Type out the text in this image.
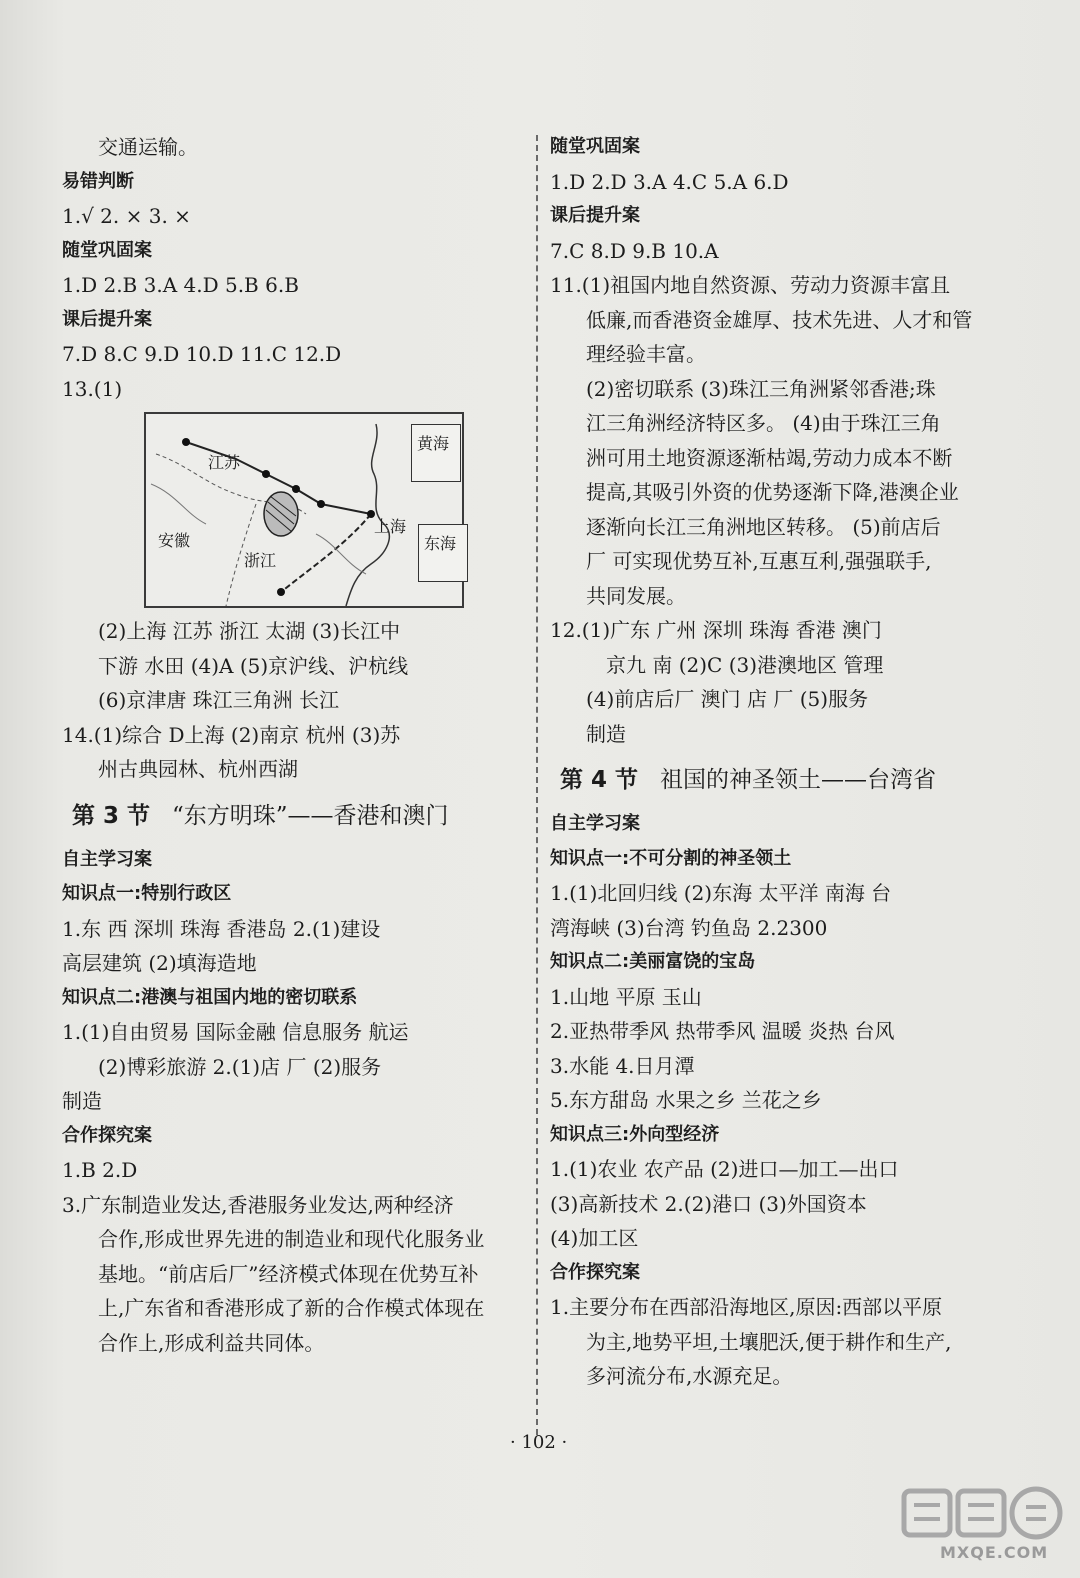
交通运输。
易错判断
1.√ 2. × 3. ×
随堂巩固案
1.D 2.B 3.A 4.D 5.B 6.B
课后提升案
7.D 8.C 9.D 10.D 11.C 12.D
13.(1)
江苏
安徽
浙江
上海
黄海
东海
(2)上海 江苏 浙江 太湖 (3)长江中
下游 水田 (4)A (5)京沪线、沪杭线
(6)京津唐 珠江三角洲 长江
14.(1)综合 D上海 (2)南京 杭州 (3)苏
州古典园林、杭州西湖
第 3 节 “东方明珠”——香港和澳门
自主学习案
知识点一:特别行政区
1.东 西 深圳 珠海 香港岛 2.(1)建设
高层建筑 (2)填海造地
知识点二:港澳与祖国内地的密切联系
1.(1)自由贸易 国际金融 信息服务 航运
(2)博彩旅游 2.(1)店 厂 (2)服务
制造
合作探究案
1.B 2.D
3.广东制造业发达,香港服务业发达,两种经济
合作,形成世界先进的制造业和现代化服务业
基地。“前店后厂”经济模式体现在优势互补
上,广东省和香港形成了新的合作模式体现在
合作上,形成利益共同体。
随堂巩固案
1.D 2.D 3.A 4.C 5.A 6.D
课后提升案
7.C 8.D 9.B 10.A
11.(1)祖国内地自然资源、劳动力资源丰富且
低廉,而香港资金雄厚、技术先进、人才和管
理经验丰富。
(2)密切联系 (3)珠江三角洲紧邻香港;珠
江三角洲经济特区多。 (4)由于珠江三角
洲可用土地资源逐渐枯竭,劳动力成本不断
提高,其吸引外资的优势逐渐下降,港澳企业
逐渐向长江三角洲地区转移。 (5)前店后
厂 可实现优势互补,互惠互利,强强联手,
共同发展。
12.(1)广东 广州 深圳 珠海 香港 澳门
京九 南 (2)C (3)港澳地区 管理
(4)前店后厂 澳门 店 厂 (5)服务
制造
第 4 节 祖国的神圣领土——台湾省
自主学习案
知识点一:不可分割的神圣领土
1.(1)北回归线 (2)东海 太平洋 南海 台
湾海峡 (3)台湾 钓鱼岛 2.2300
知识点二:美丽富饶的宝岛
1.山地 平原 玉山
2.亚热带季风 热带季风 温暖 炎热 台风
3.水能 4.日月潭
5.东方甜岛 水果之乡 兰花之乡
知识点三:外向型经济
1.(1)农业 农产品 (2)进口—加工—出口
(3)高新技术 2.(2)港口 (3)外国资本
(4)加工区
合作探究案
1.主要分布在西部沿海地区,原因:西部以平原
为主,地势平坦,土壤肥沃,便于耕作和生产,
多河流分布,水源充足。
· 102 ·
MXQE.COM
